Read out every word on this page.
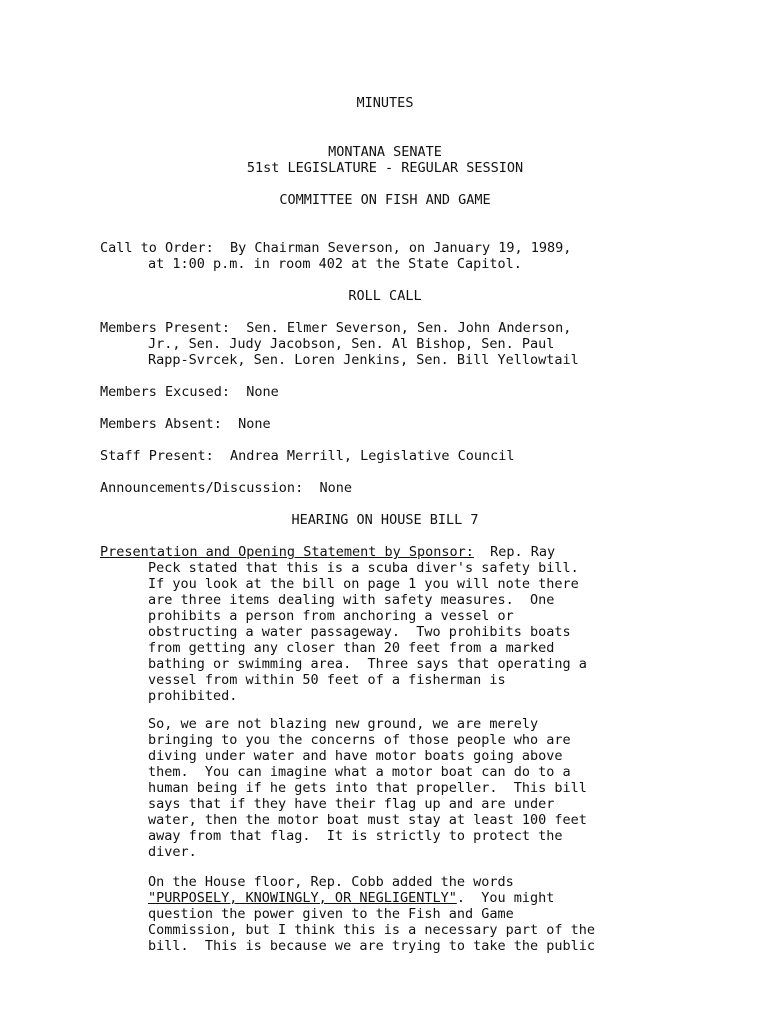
MINUTES
MONTANA SENATE
51st LEGISLATURE - REGULAR SESSION
COMMITTEE ON FISH AND GAME
Call to Order:  By Chairman Severson, on January 19, 1989,
at 1:00 p.m. in room 402 at the State Capitol.
ROLL CALL
Members Present:  Sen. Elmer Severson, Sen. John Anderson,
Jr., Sen. Judy Jacobson, Sen. Al Bishop, Sen. Paul
Rapp-Svrcek, Sen. Loren Jenkins, Sen. Bill Yellowtail
Members Excused:  None
Members Absent:  None
Staff Present:  Andrea Merrill, Legislative Council
Announcements/Discussion:  None
HEARING ON HOUSE BILL 7
Presentation and Opening Statement by Sponsor:  Rep. Ray
Peck stated that this is a scuba diver's safety bill.
If you look at the bill on page 1 you will note there
are three items dealing with safety measures.  One
prohibits a person from anchoring a vessel or
obstructing a water passageway.  Two prohibits boats
from getting any closer than 20 feet from a marked
bathing or swimming area.  Three says that operating a
vessel from within 50 feet of a fisherman is
prohibited.
So, we are not blazing new ground, we are merely
bringing to you the concerns of those people who are
diving under water and have motor boats going above
them.  You can imagine what a motor boat can do to a
human being if he gets into that propeller.  This bill
says that if they have their flag up and are under
water, then the motor boat must stay at least 100 feet
away from that flag.  It is strictly to protect the
diver.
On the House floor, Rep. Cobb added the words
"PURPOSELY, KNOWINGLY, OR NEGLIGENTLY".  You might
question the power given to the Fish and Game
Commission, but I think this is a necessary part of the
bill.  This is because we are trying to take the public
